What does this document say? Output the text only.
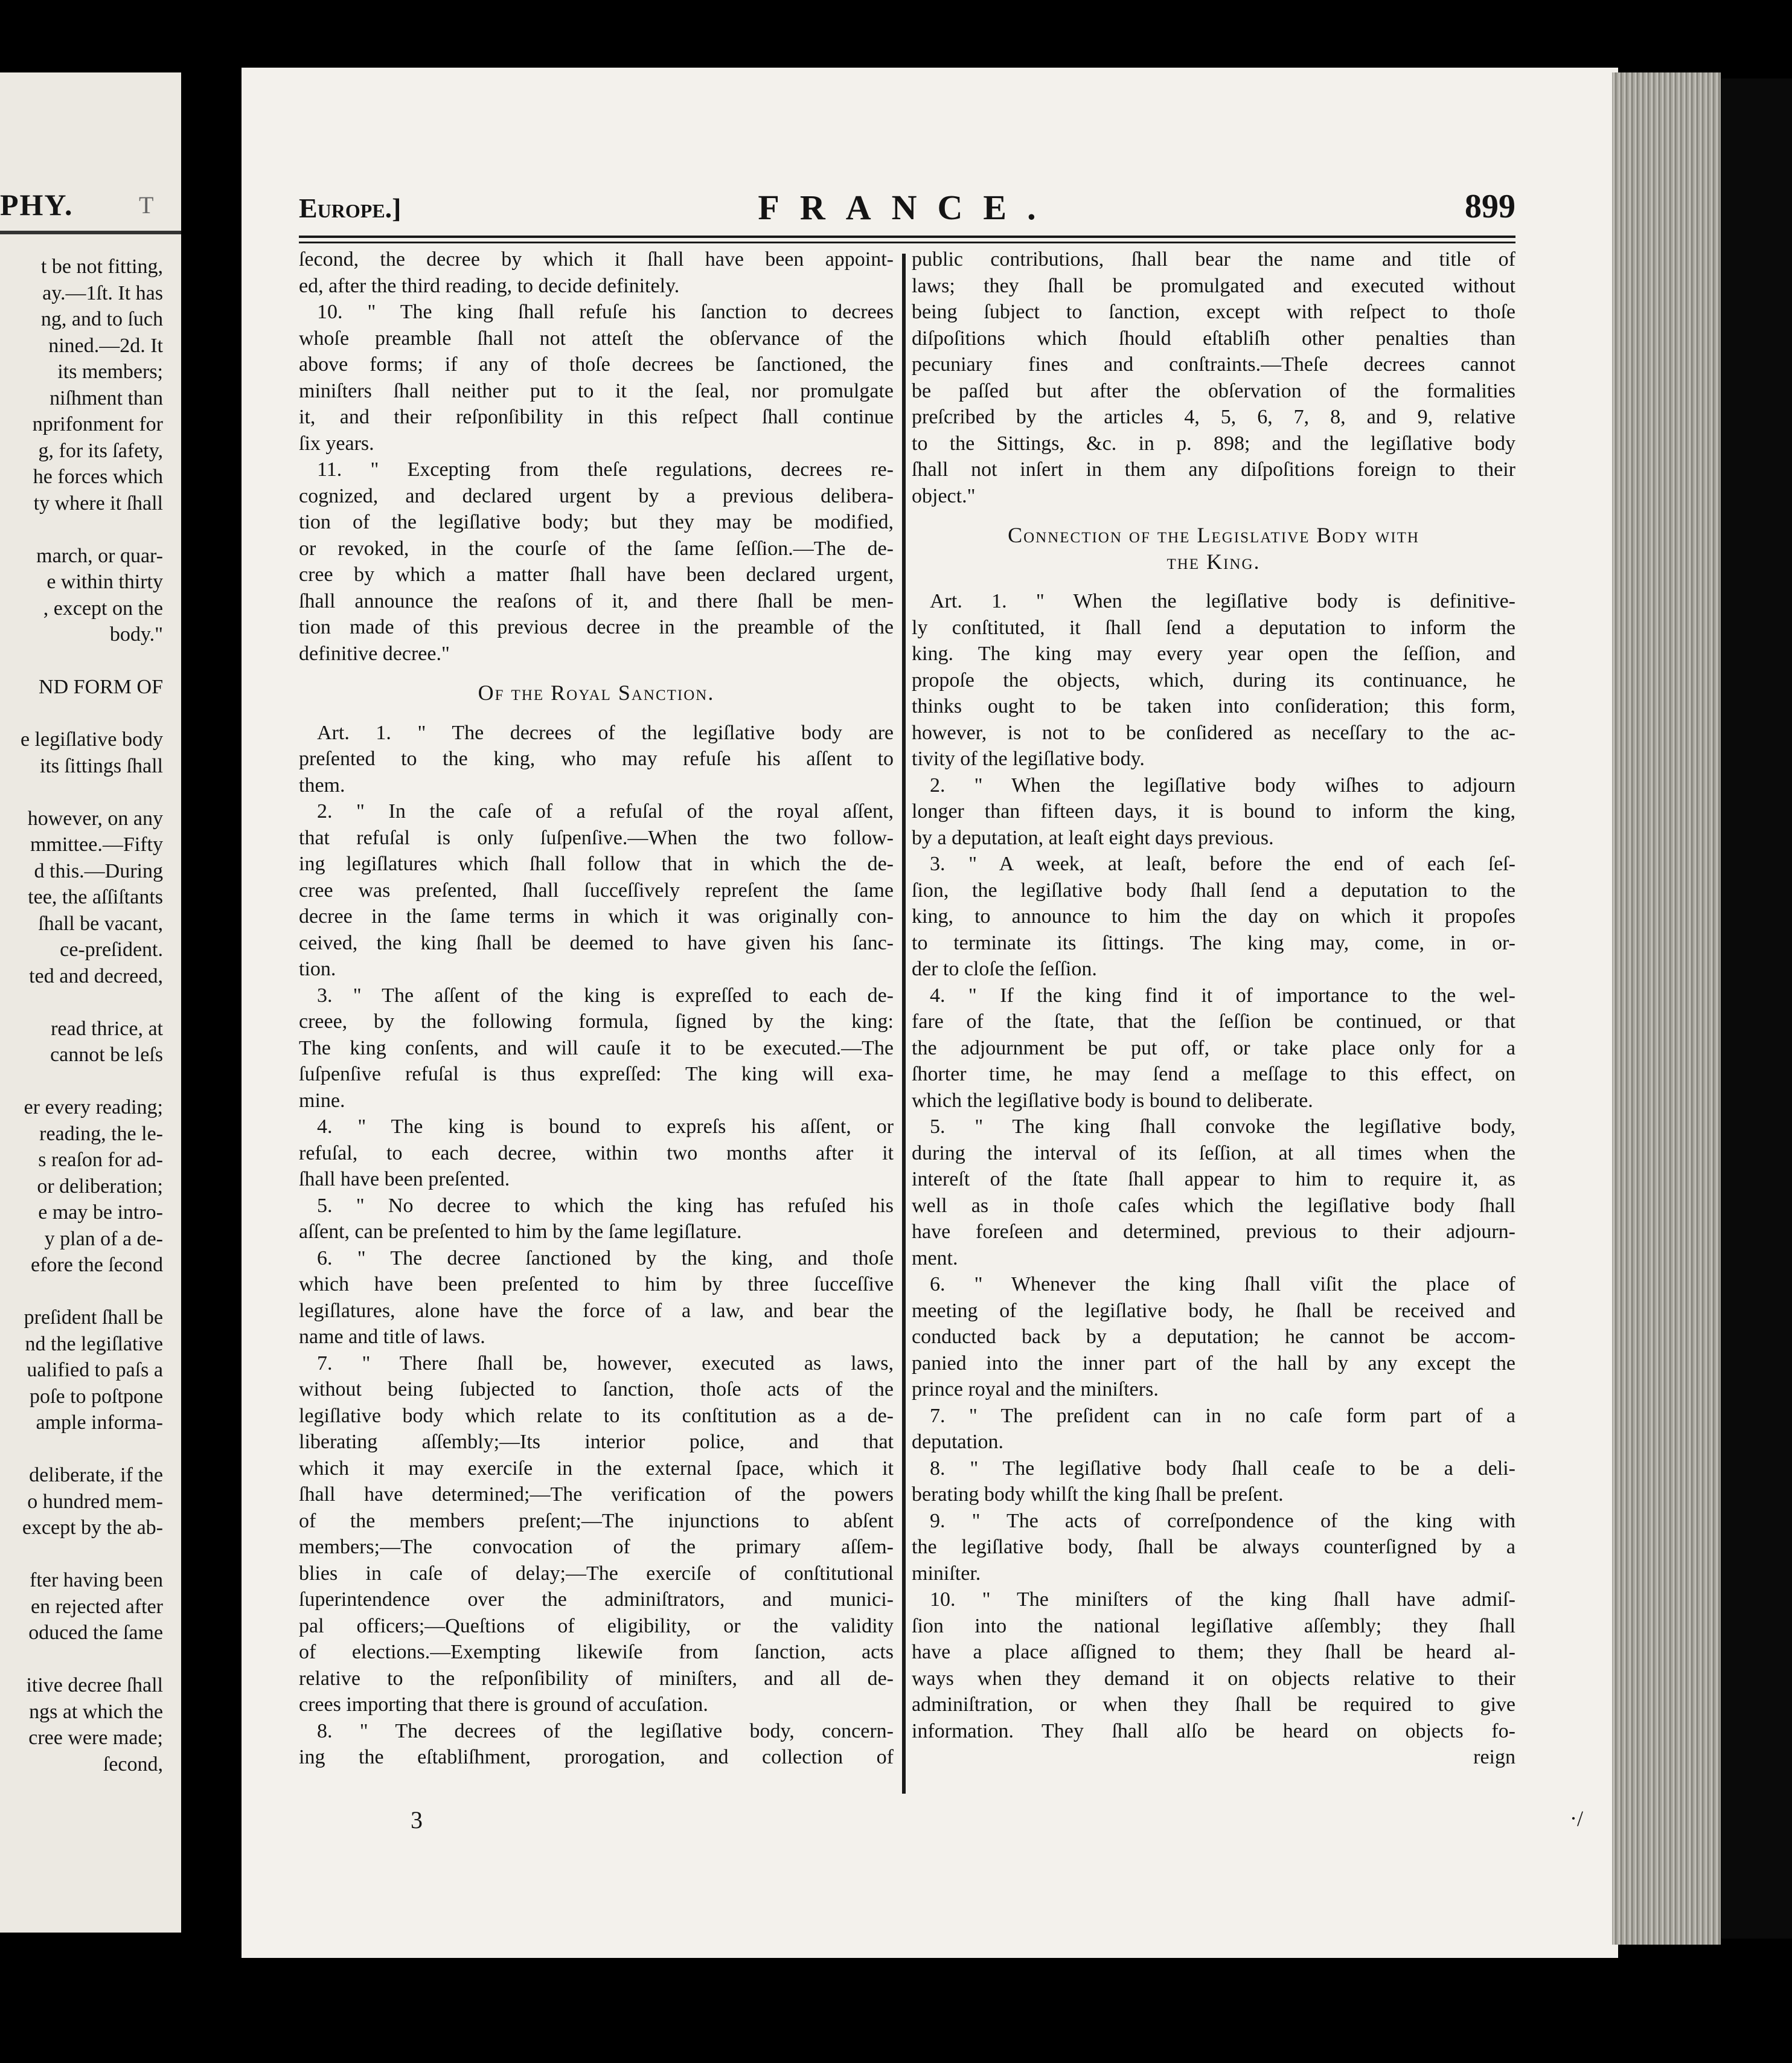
PHY.	T
t be not fitting,
ay.—1ſt. It has
ng, and to ſuch
nined.—2d. It
its members;
niſhment than
nprifonment for
g, for its ſafety,
he forces which
ty where it ſhall
march, or quar-
e within thirty
, except on the
body."
ND FORM OF
e legiſlative body
its ſittings ſhall
however, on any
mmittee.—Fifty
d this.—During
tee, the aſſiſtants
ſhall be vacant,
ce-preſident.
ted and decreed,
read thrice, at
cannot be leſs
er every reading;
reading, the le-
s reaſon for ad-
or deliberation;
e may be intro-
y plan of a de-
efore the ſecond
preſident ſhall be
nd the legiſlative
ualified to paſs a
poſe to poſtpone
ample informa-
deliberate, if the
o hundred mem-
except by the ab-
fter having been
en rejected after
oduced the ſame
itive decree ſhall
ngs at which the
cree were made;
ſecond,
Europe.]	FRANCE.	899
ſecond, the decree by which it ſhall have been appoint-
ed, after the third reading, to decide definitely.
10. " The king ſhall refuſe his ſanction to decrees
whoſe preamble ſhall not atteſt the obſervance of the
above forms; if any of thoſe decrees be ſanctioned, the
miniſters ſhall neither put to it the ſeal, nor promulgate
it, and their reſponſibility in this reſpect ſhall continue
ſix years.
11. " Excepting from theſe regulations, decrees re-
cognized, and declared urgent by a previous delibera-
tion of the legiſlative body; but they may be modified,
or revoked, in the courſe of the ſame ſeſſion.—The de-
cree by which a matter ſhall have been declared urgent,
ſhall announce the reaſons of it, and there ſhall be men-
tion made of this previous decree in the preamble of the
definitive decree."
Of the Royal Sanction.
Art. 1. " The decrees of the legiſlative body are
preſented to the king, who may refuſe his aſſent to
them.
2. " In the caſe of a refuſal of the royal aſſent,
that refuſal is only ſuſpenſive.—When the two follow-
ing legiſlatures which ſhall follow that in which the de-
cree was preſented, ſhall ſucceſſively repreſent the ſame
decree in the ſame terms in which it was originally con-
ceived, the king ſhall be deemed to have given his ſanc-
tion.
3. " The aſſent of the king is expreſſed to each de-
creee, by the following formula, ſigned by the king:
The king conſents, and will cauſe it to be executed.—The
ſuſpenſive refuſal is thus expreſſed: The king will exa-
mine.
4. " The king is bound to expreſs his aſſent, or
refuſal, to each decree, within two months after it
ſhall have been preſented.
5. " No decree to which the king has refuſed his
aſſent, can be preſented to him by the ſame legiſlature.
6. " The decree ſanctioned by the king, and thoſe
which have been preſented to him by three ſucceſſive
legiſlatures, alone have the force of a law, and bear the
name and title of laws.
7. " There ſhall be, however, executed as laws,
without being ſubjected to ſanction, thoſe acts of the
legiſlative body which relate to its conſtitution as a de-
liberating aſſembly;—Its interior police, and that
which it may exerciſe in the external ſpace, which it
ſhall have determined;—The verification of the powers
of the members preſent;—The injunctions to abſent
members;—The convocation of the primary aſſem-
blies in caſe of delay;—The exerciſe of conſtitutional
ſuperintendence over the adminiſtrators, and munici-
pal officers;—Queſtions of eligibility, or the validity
of elections.—Exempting likewiſe from ſanction, acts
relative to the reſponſibility of miniſters, and all de-
crees importing that there is ground of accuſation.
8. " The decrees of the legiſlative body, concern-
ing the eſtabliſhment, prorogation, and collection of
public contributions, ſhall bear the name and title of
laws; they ſhall be promulgated and executed without
being ſubject to ſanction, except with reſpect to thoſe
diſpoſitions which ſhould eſtabliſh other penalties than
pecuniary fines and conſtraints.—Theſe decrees cannot
be paſſed but after the obſervation of the formalities
preſcribed by the articles 4, 5, 6, 7, 8, and 9, relative
to the Sittings, &c. in p. 898; and the legiſlative body
ſhall not inſert in them any diſpoſitions foreign to their
object."
Connection of the Legislative Body with
the King.
Art. 1. " When the legiſlative body is definitive-
ly conſtituted, it ſhall ſend a deputation to inform the
king. The king may every year open the ſeſſion, and
propoſe the objects, which, during its continuance, he
thinks ought to be taken into conſideration; this form,
however, is not to be conſidered as neceſſary to the ac-
tivity of the legiſlative body.
2. " When the legiſlative body wiſhes to adjourn
longer than fifteen days, it is bound to inform the king,
by a deputation, at leaſt eight days previous.
3. " A week, at leaſt, before the end of each ſeſ-
ſion, the legiſlative body ſhall ſend a deputation to the
king, to announce to him the day on which it propoſes
to terminate its ſittings. The king may, come, in or-
der to cloſe the ſeſſion.
4. " If the king find it of importance to the wel-
fare of the ſtate, that the ſeſſion be continued, or that
the adjournment be put off, or take place only for a
ſhorter time, he may ſend a meſſage to this effect, on
which the legiſlative body is bound to deliberate.
5. " The king ſhall convoke the legiſlative body,
during the interval of its ſeſſion, at all times when the
intereſt of the ſtate ſhall appear to him to require it, as
well as in thoſe caſes which the legiſlative body ſhall
have foreſeen and determined, previous to their adjourn-
ment.
6. " Whenever the king ſhall viſit the place of
meeting of the legiſlative body, he ſhall be received and
conducted back by a deputation; he cannot be accom-
panied into the inner part of the hall by any except the
prince royal and the miniſters.
7. " The preſident can in no caſe form part of a
deputation.
8. " The legiſlative body ſhall ceaſe to be a deli-
berating body whilſt the king ſhall be preſent.
9. " The acts of correſpondence of the king with
the legiſlative body, ſhall be always counterſigned by a
miniſter.
10. " The miniſters of the king ſhall have admiſ-
ſion into the national legiſlative aſſembly; they ſhall
have a place aſſigned to them; they ſhall be heard al-
ways when they demand it on objects relative to their
adminiſtration, or when they ſhall be required to give
information. They ſhall alſo be heard on objects fo-
reign
3	·/
